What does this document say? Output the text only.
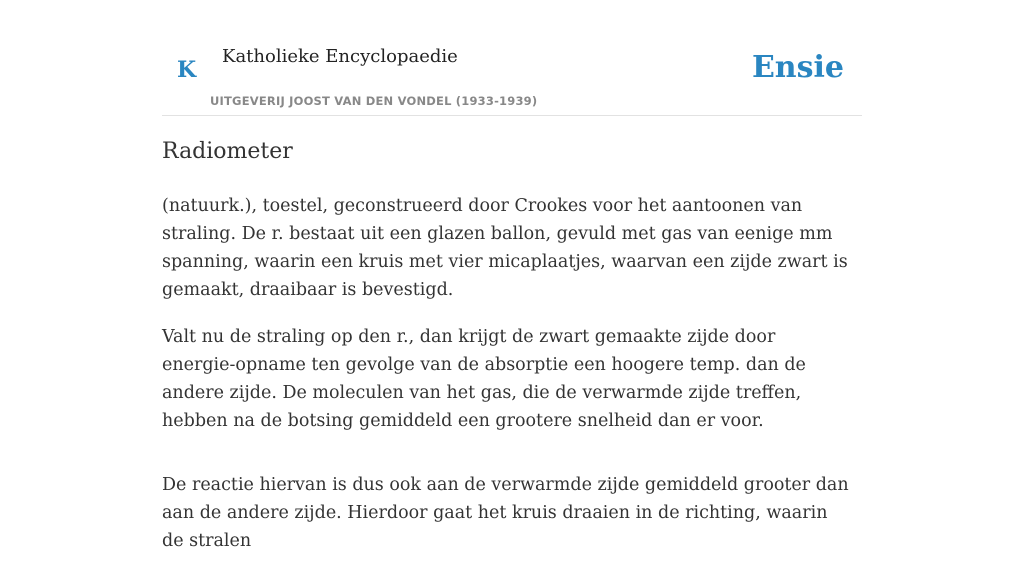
K
Katholieke Encyclopaedie
UITGEVERIJ JOOST VAN DEN VONDEL (1933-1939)
Ensie
Radiometer

(natuurk.), toestel, geconstrueerd door Crookes voor het aantoonen van straling. De r. bestaat uit een glazen ballon, gevuld met gas van eenige mm spanning, waarin een kruis met vier micaplaatjes, waarvan een zijde zwart is gemaakt, draaibaar is bevestigd.

Valt nu de straling op den r., dan krijgt de zwart gemaakte zijde door energie-opname ten gevolge van de absorptie een hoogere temp. dan de andere zijde. De moleculen van het gas, die de verwarmde zijde treffen, hebben na de botsing gemiddeld een grootere snelheid dan er voor.

De reactie hiervan is dus ook aan de verwarmde zijde gemiddeld grooter dan aan de andere zijde. Hierdoor gaat het kruis draaien in de richting, waarin de stralen
